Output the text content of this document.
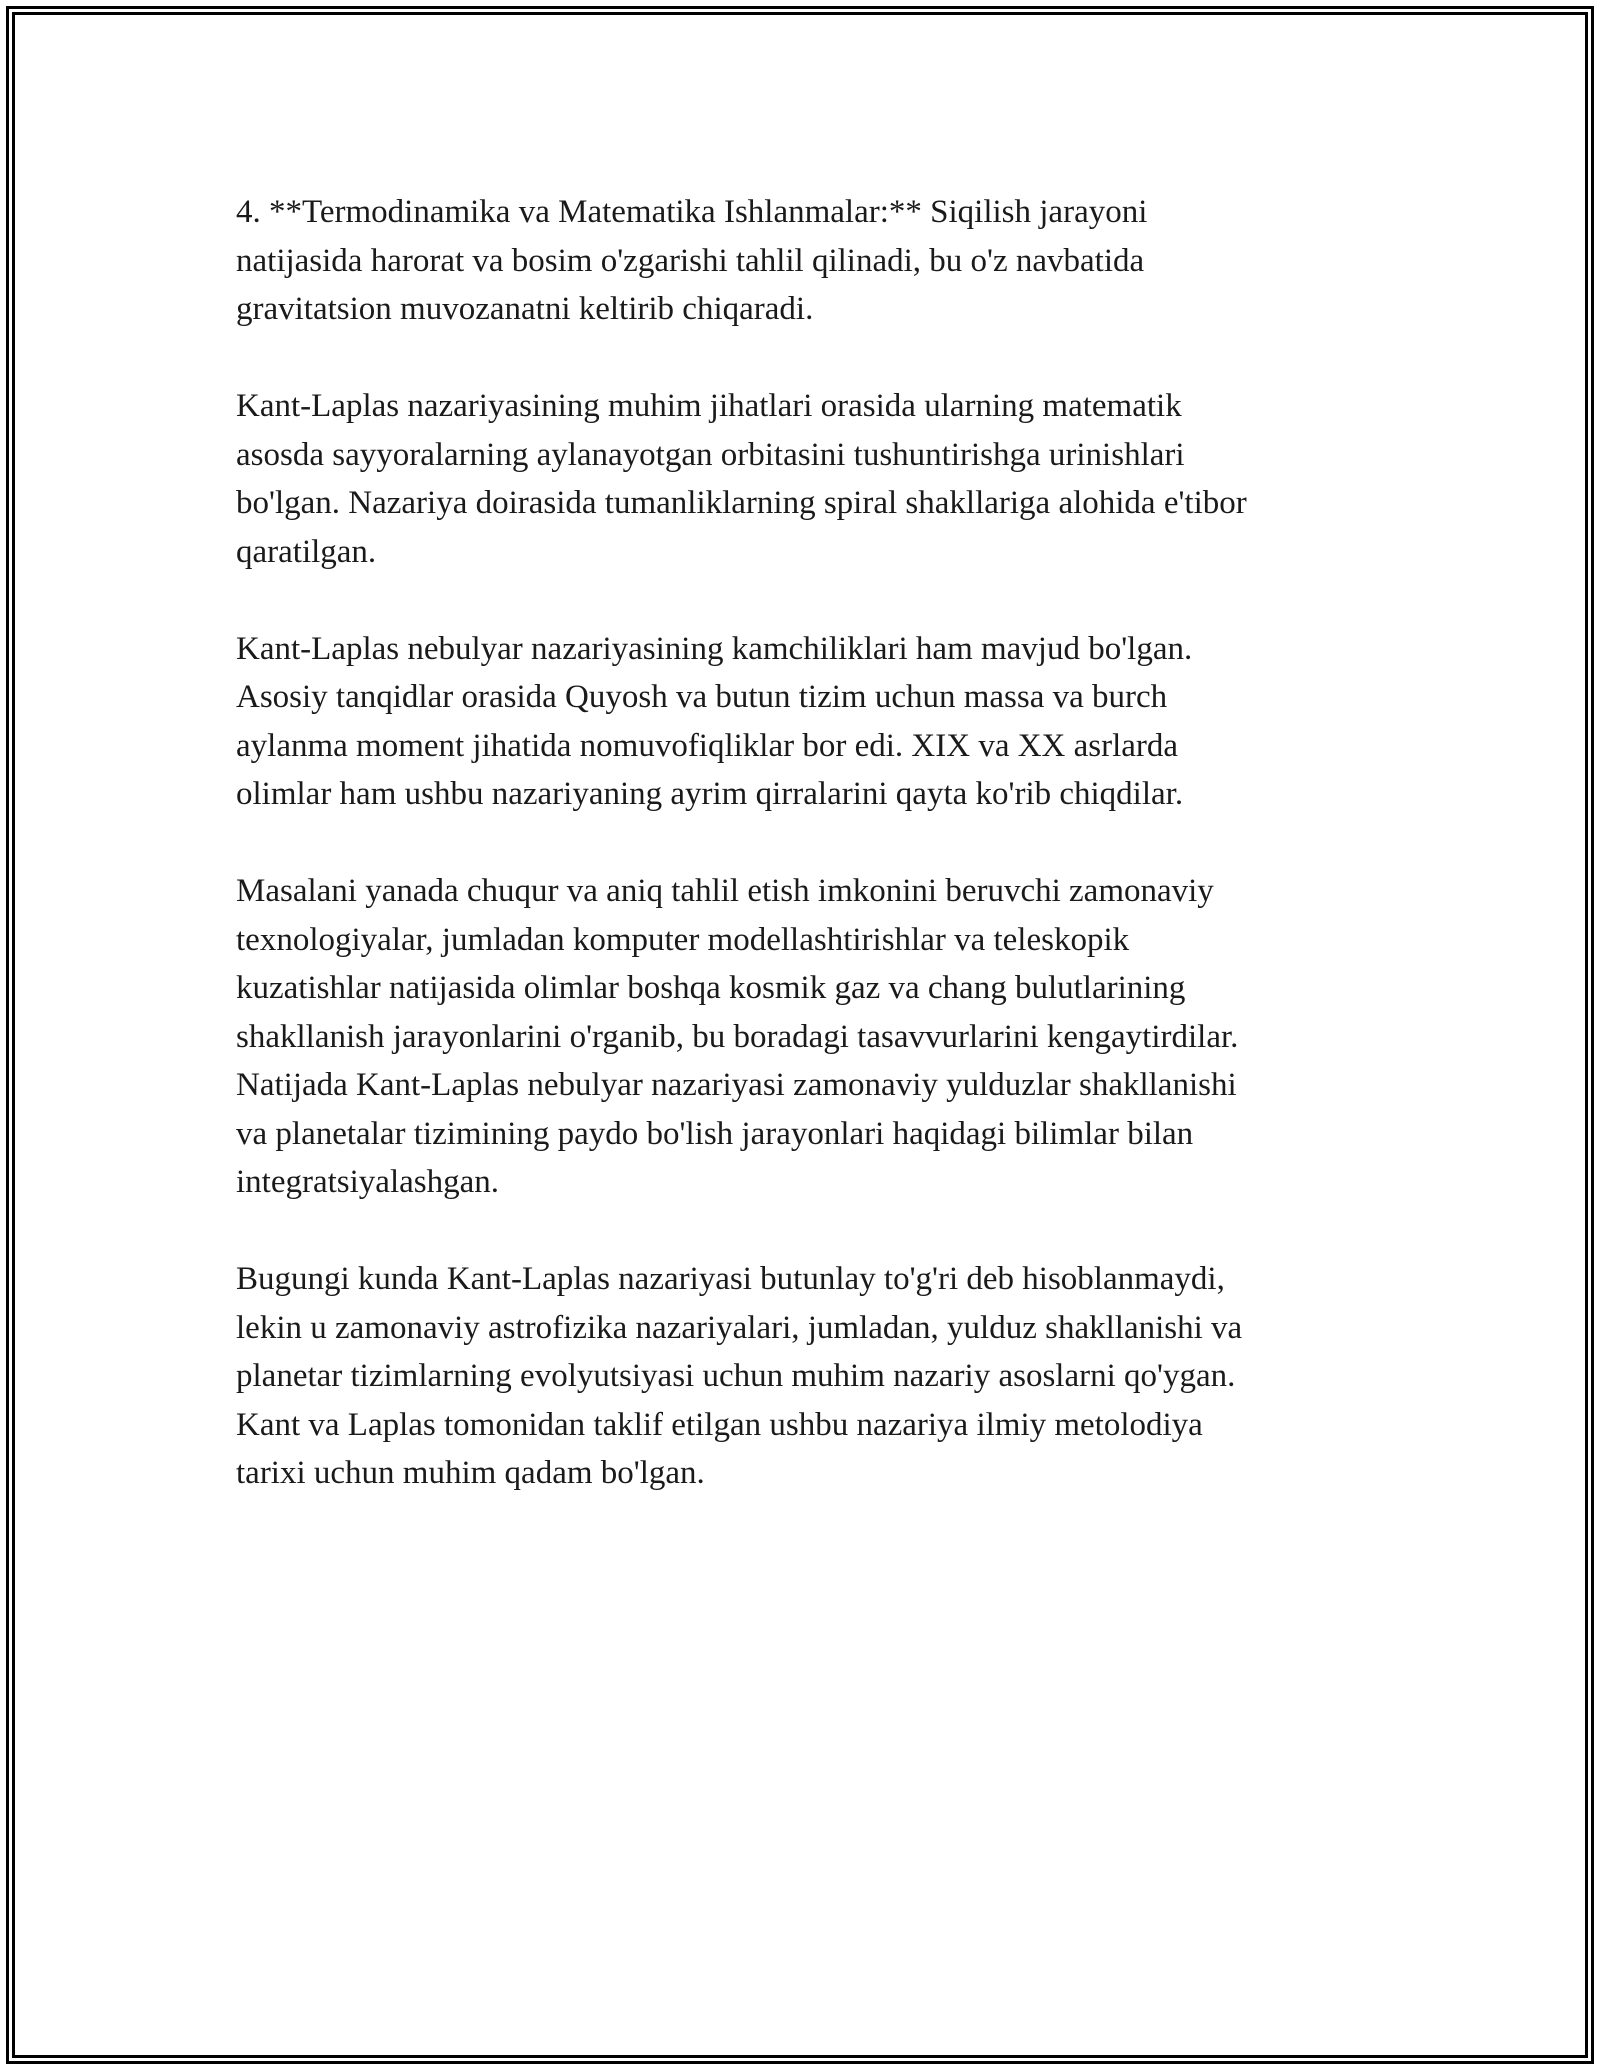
4. **Termodinamika va Matematika Ishlanmalar:** Siqilish jarayoni
natijasida harorat va bosim o'zgarishi tahlil qilinadi, bu o'z navbatida
gravitatsion muvozanatni keltirib chiqaradi.

Kant-Laplas nazariyasining muhim jihatlari orasida ularning matematik
asosda sayyoralarning aylanayotgan orbitasini tushuntirishga urinishlari
bo'lgan. Nazariya doirasida tumanliklarning spiral shakllariga alohida e'tibor
qaratilgan.

Kant-Laplas nebulyar nazariyasining kamchiliklari ham mavjud bo'lgan.
Asosiy tanqidlar orasida Quyosh va butun tizim uchun massa va burch
aylanma moment jihatida nomuvofiqliklar bor edi. XIX va XX asrlarda
olimlar ham ushbu nazariyaning ayrim qirralarini qayta ko'rib chiqdilar.

Masalani yanada chuqur va aniq tahlil etish imkonini beruvchi zamonaviy
texnologiyalar, jumladan komputer modellashtirishlar va teleskopik
kuzatishlar natijasida olimlar boshqa kosmik gaz va chang bulutlarining
shakllanish jarayonlarini o'rganib, bu boradagi tasavvurlarini kengaytirdilar.
Natijada Kant-Laplas nebulyar nazariyasi zamonaviy yulduzlar shakllanishi
va planetalar tizimining paydo bo'lish jarayonlari haqidagi bilimlar bilan
integratsiyalashgan.

Bugungi kunda Kant-Laplas nazariyasi butunlay to'g'ri deb hisoblanmaydi,
lekin u zamonaviy astrofizika nazariyalari, jumladan, yulduz shakllanishi va
planetar tizimlarning evolyutsiyasi uchun muhim nazariy asoslarni qo'ygan.
Kant va Laplas tomonidan taklif etilgan ushbu nazariya ilmiy metolodiya
tarixi uchun muhim qadam bo'lgan.
